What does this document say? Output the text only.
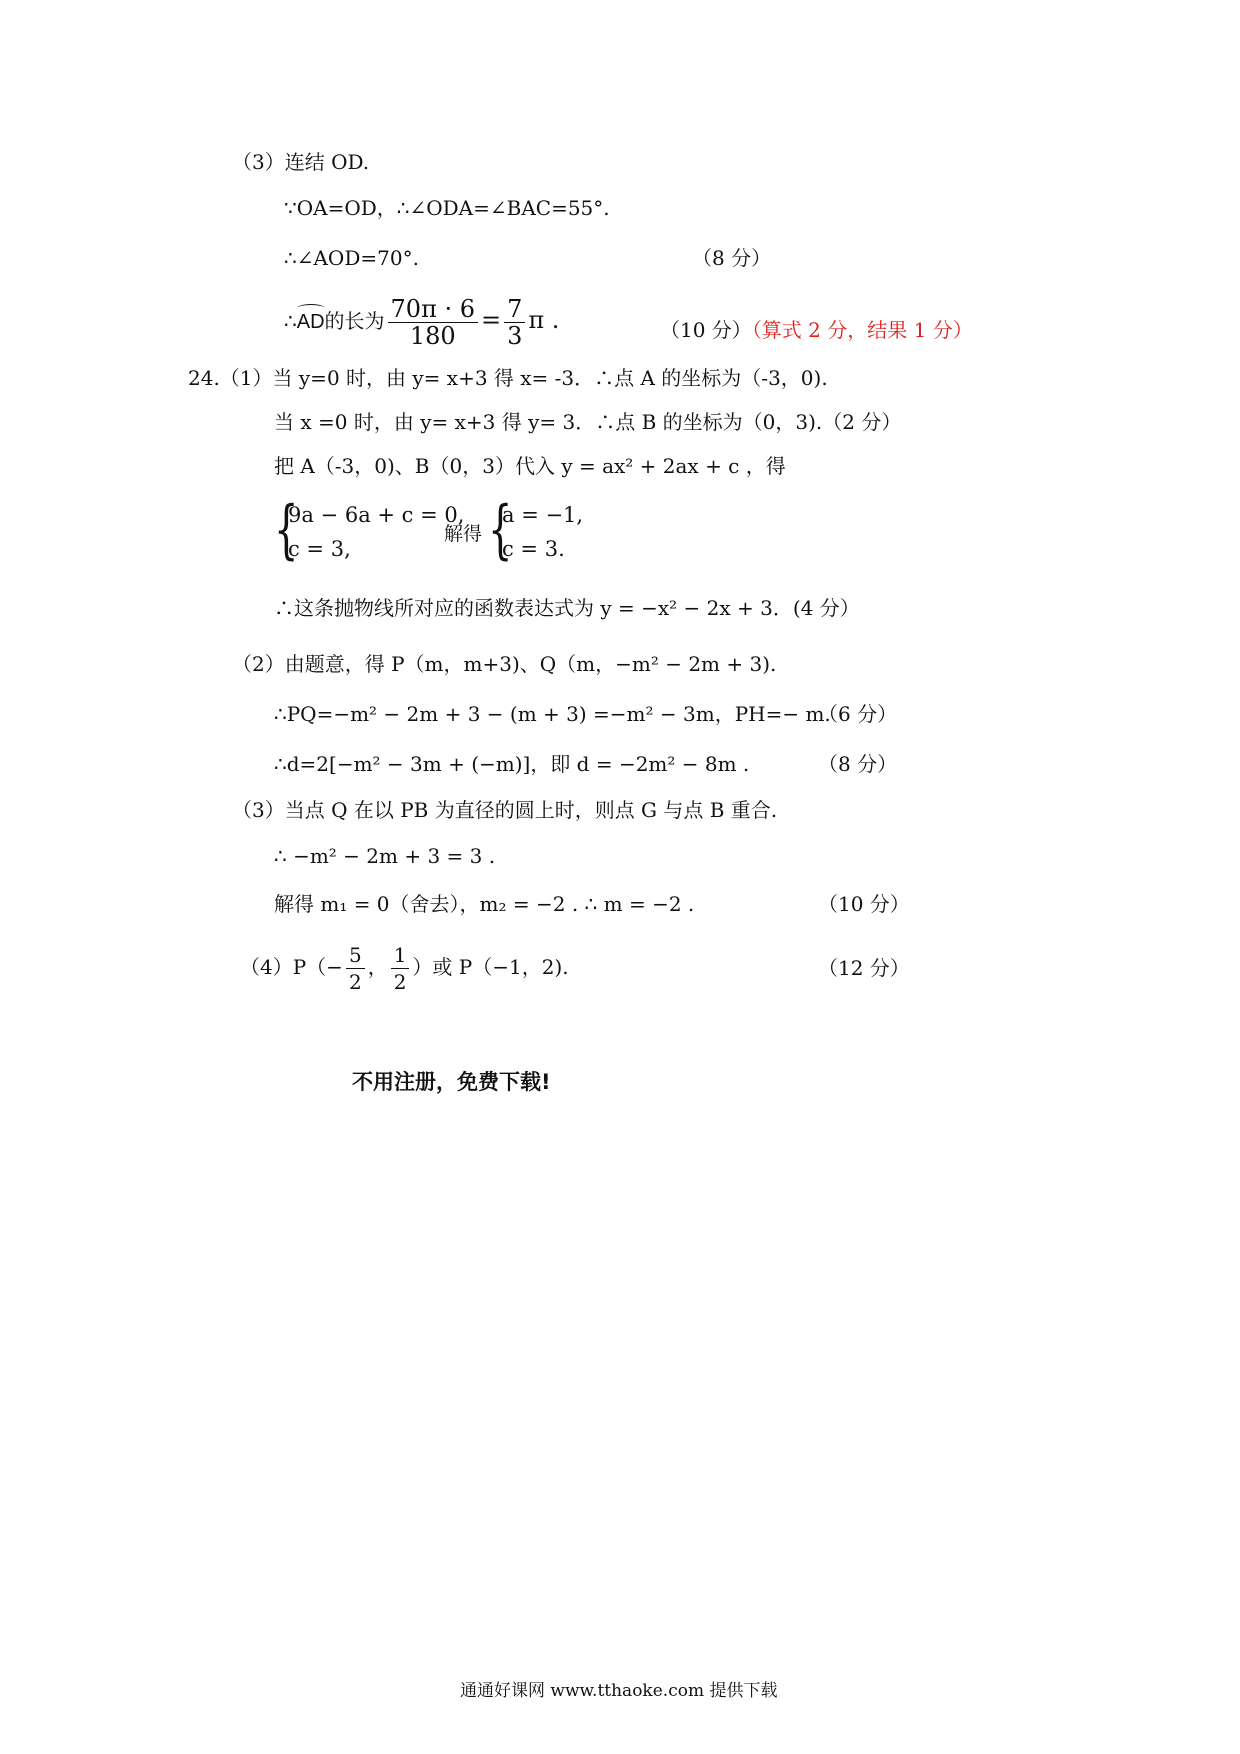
（3）连结 OD.
∵OA=OD，∴∠ODA=∠BAC=55°.
∴∠AOD=70°.	（8 分）
∴AD的长为 $\frac{70\pi \cdot 6}{180} = \frac{7}{3}$ π .	（10 分）（算式 2 分，结果 1 分）
24.（1）当 y=0 时，由 y= x+3 得 x= -3．∴点 A 的坐标为（-3，0).
当 x =0 时，由 y= x+3 得 y= 3．∴点 B 的坐标为（0，3).（2 分）
把 A（-3，0)、B（0，3）代入 y = ax² + 2ax + c ，得
{
9a − 6a + c = 0,
c = 3,
解得 {
a = −1,
c = 3.
∴这条抛物线所对应的函数表达式为 y = −x² − 2x + 3．(4 分）
（2）由题意，得 P（m，m+3)、Q（m，−m² − 2m + 3).
∴PQ=−m² − 2m + 3 − (m + 3) =−m² − 3m，PH=− m.
（6 分）
∴d=2[−m² − 3m + (−m)]，即 d = −2m² − 8m .	（8 分）
（3）当点 Q 在以 PB 为直径的圆上时，则点 G 与点 B 重合.
∴ −m² − 2m + 3 = 3 .
解得 m₁ = 0（舍去），m₂ = −2 . ∴ m = −2 .	（10 分）
$(4)P(- \frac{5}{2}$ ， $\frac{1}{2}$ ）或 P（−1，2).	（12 分）
不用注册，免费下载!
通通好课网 www.tthaoke.com 提供下载
